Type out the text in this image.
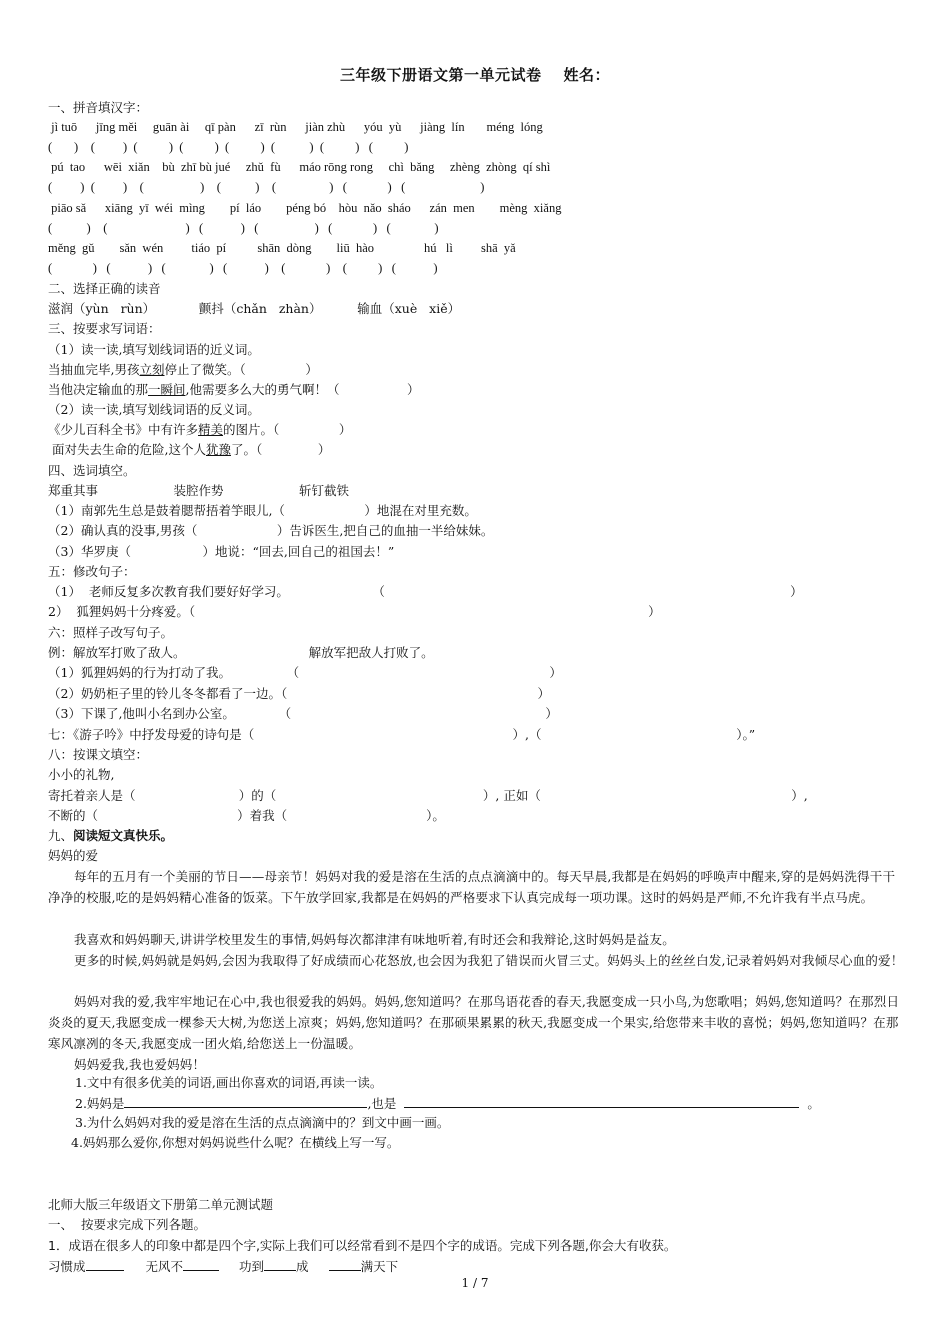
三年级下册语文第一单元试卷 姓名：
一、拼音填汉字：
jì tuō      jīng měi     guān ài     qī pàn      zī  rùn      jiàn zhù      yóu  yù      jiàng  lín       méng  lóng
(       )    (         )  (          )  (          )  (          )  (           )  (          )   (          )
pú  tao      wēi  xiǎn    bù  zhī bù jué     zhǔ  fù      máo rōng rong     chì  bǎng     zhèng  zhòng  qí shì
(         )  (         )    (                  )    (           )    (                 )   (             )   (                        )
piāo sǎ      xiāng  yī  wéi  mìng        pí  láo        péng bó    hòu  nǎo  sháo      zán  men        mèng  xiǎng
(           )    (                         )   (            )   (                  )   (             )   (              )
měng  gǔ        sǎn  wén         tiáo  pí          shān  dòng        liū  hào                hú   lì         shā  yǎ
(             )   (            )   (              )   (            )    (             )    (          )   (            )
二、选择正确的读音
滋润（yùn   rùn）           颤抖（chǎn   zhàn）         输血（xuè   xiě）
三、按要求写词语：
（1）读一读,填写划线词语的近义词。
当抽血完毕,男孩立刻停止了微笑。（               ）
当他决定输血的那一瞬间,他需要多么大的勇气啊！（                 ）
（2）读一读,填写划线词语的反义词。
《少儿百科全书》中有许多精美的图片。（               ）
面对失去生命的危险,这个人犹豫了。（              ）
四、选词填空。
郑重其事                   装腔作势                   斩钉截铁
（1）南郭先生总是鼓着腮帮捂着竽眼儿,（                    ）地混在对里充数。
（2）确认真的没事,男孩（                    ）告诉医生,把自己的血抽一半给妹妹。
（3）华罗庚（                  ）地说：“回去,回自己的祖国去！”
五：修改句子：
（1）  老师反复多次教育我们要好好学习。                     （                                                                                                      ）
2）  狐狸妈妈十分疼爱。（                                                                                                                  ）
六：照样子改写句子。
例：解放军打败了敌人。                               解放军把敌人打败了。
（1）狐狸妈妈的行为打动了我。              （                                                               ）
（2）奶奶柜子里的铃儿冬冬都看了一边。（                                                               ）
（3）下课了,他叫小名到办公室。           （                                                                ）
七：《游子吟》中抒发母爱的诗句是（                                                                 ）,（                                                 ）。”
八：按课文填空：
小小的礼物,
寄托着亲人是（                          ）的（                                                    ）, 正如（                                                               ）,
不断的（                                   ）着我（                                   ）。
九、阅读短文真快乐。
妈妈的爱
每年的五月有一个美丽的节日——母亲节！妈妈对我的爱是溶在生活的点点滴滴中的。每天早晨,我都是在妈妈的呼唤声中醒来,穿的是妈妈洗得干干净净的校服,吃的是妈妈精心准备的饭菜。下午放学回家,我都是在妈妈的严格要求下认真完成每一项功课。这时的妈妈是严师,不允许我有半点马虎。
我喜欢和妈妈聊天,讲讲学校里发生的事情,妈妈每次都津津有味地听着,有时还会和我辩论,这时妈妈是益友。
更多的时候,妈妈就是妈妈,会因为我取得了好成绩而心花怒放,也会因为我犯了错误而火冒三丈。妈妈头上的丝丝白发,记录着妈妈对我倾尽心血的爱！
妈妈对我的爱,我牢牢地记在心中,我也很爱我的妈妈。妈妈,您知道吗？在那鸟语花香的春天,我愿变成一只小鸟,为您歌唱；妈妈,您知道吗？在那烈日炎炎的夏天,我愿变成一棵参天大树,为您送上凉爽；妈妈,您知道吗？在那硕果累累的秋天,我愿变成一个果实,给您带来丰收的喜悦；妈妈,您知道吗？在那寒风凛冽的冬天,我愿变成一团火焰,给您送上一份温暖。
妈妈爱我,我也爱妈妈！
1.文中有很多优美的词语,画出你喜欢的词语,再读一读。
2.妈妈是	,也是	。
3.为什么妈妈对我的爱是溶在生活的点点滴滴中的？到文中画一画。
4.妈妈那么爱你,你想对妈妈说些什么呢？在横线上写一写。
北师大版三年级语文下册第二单元测试题
一、  按要求完成下列各题。
1．成语在很多人的印象中都是四个字,实际上我们可以经常看到不是四个字的成语。完成下列各题,你会大有收获。
习惯成	无风不	功到	成	满天下
1 / 7
